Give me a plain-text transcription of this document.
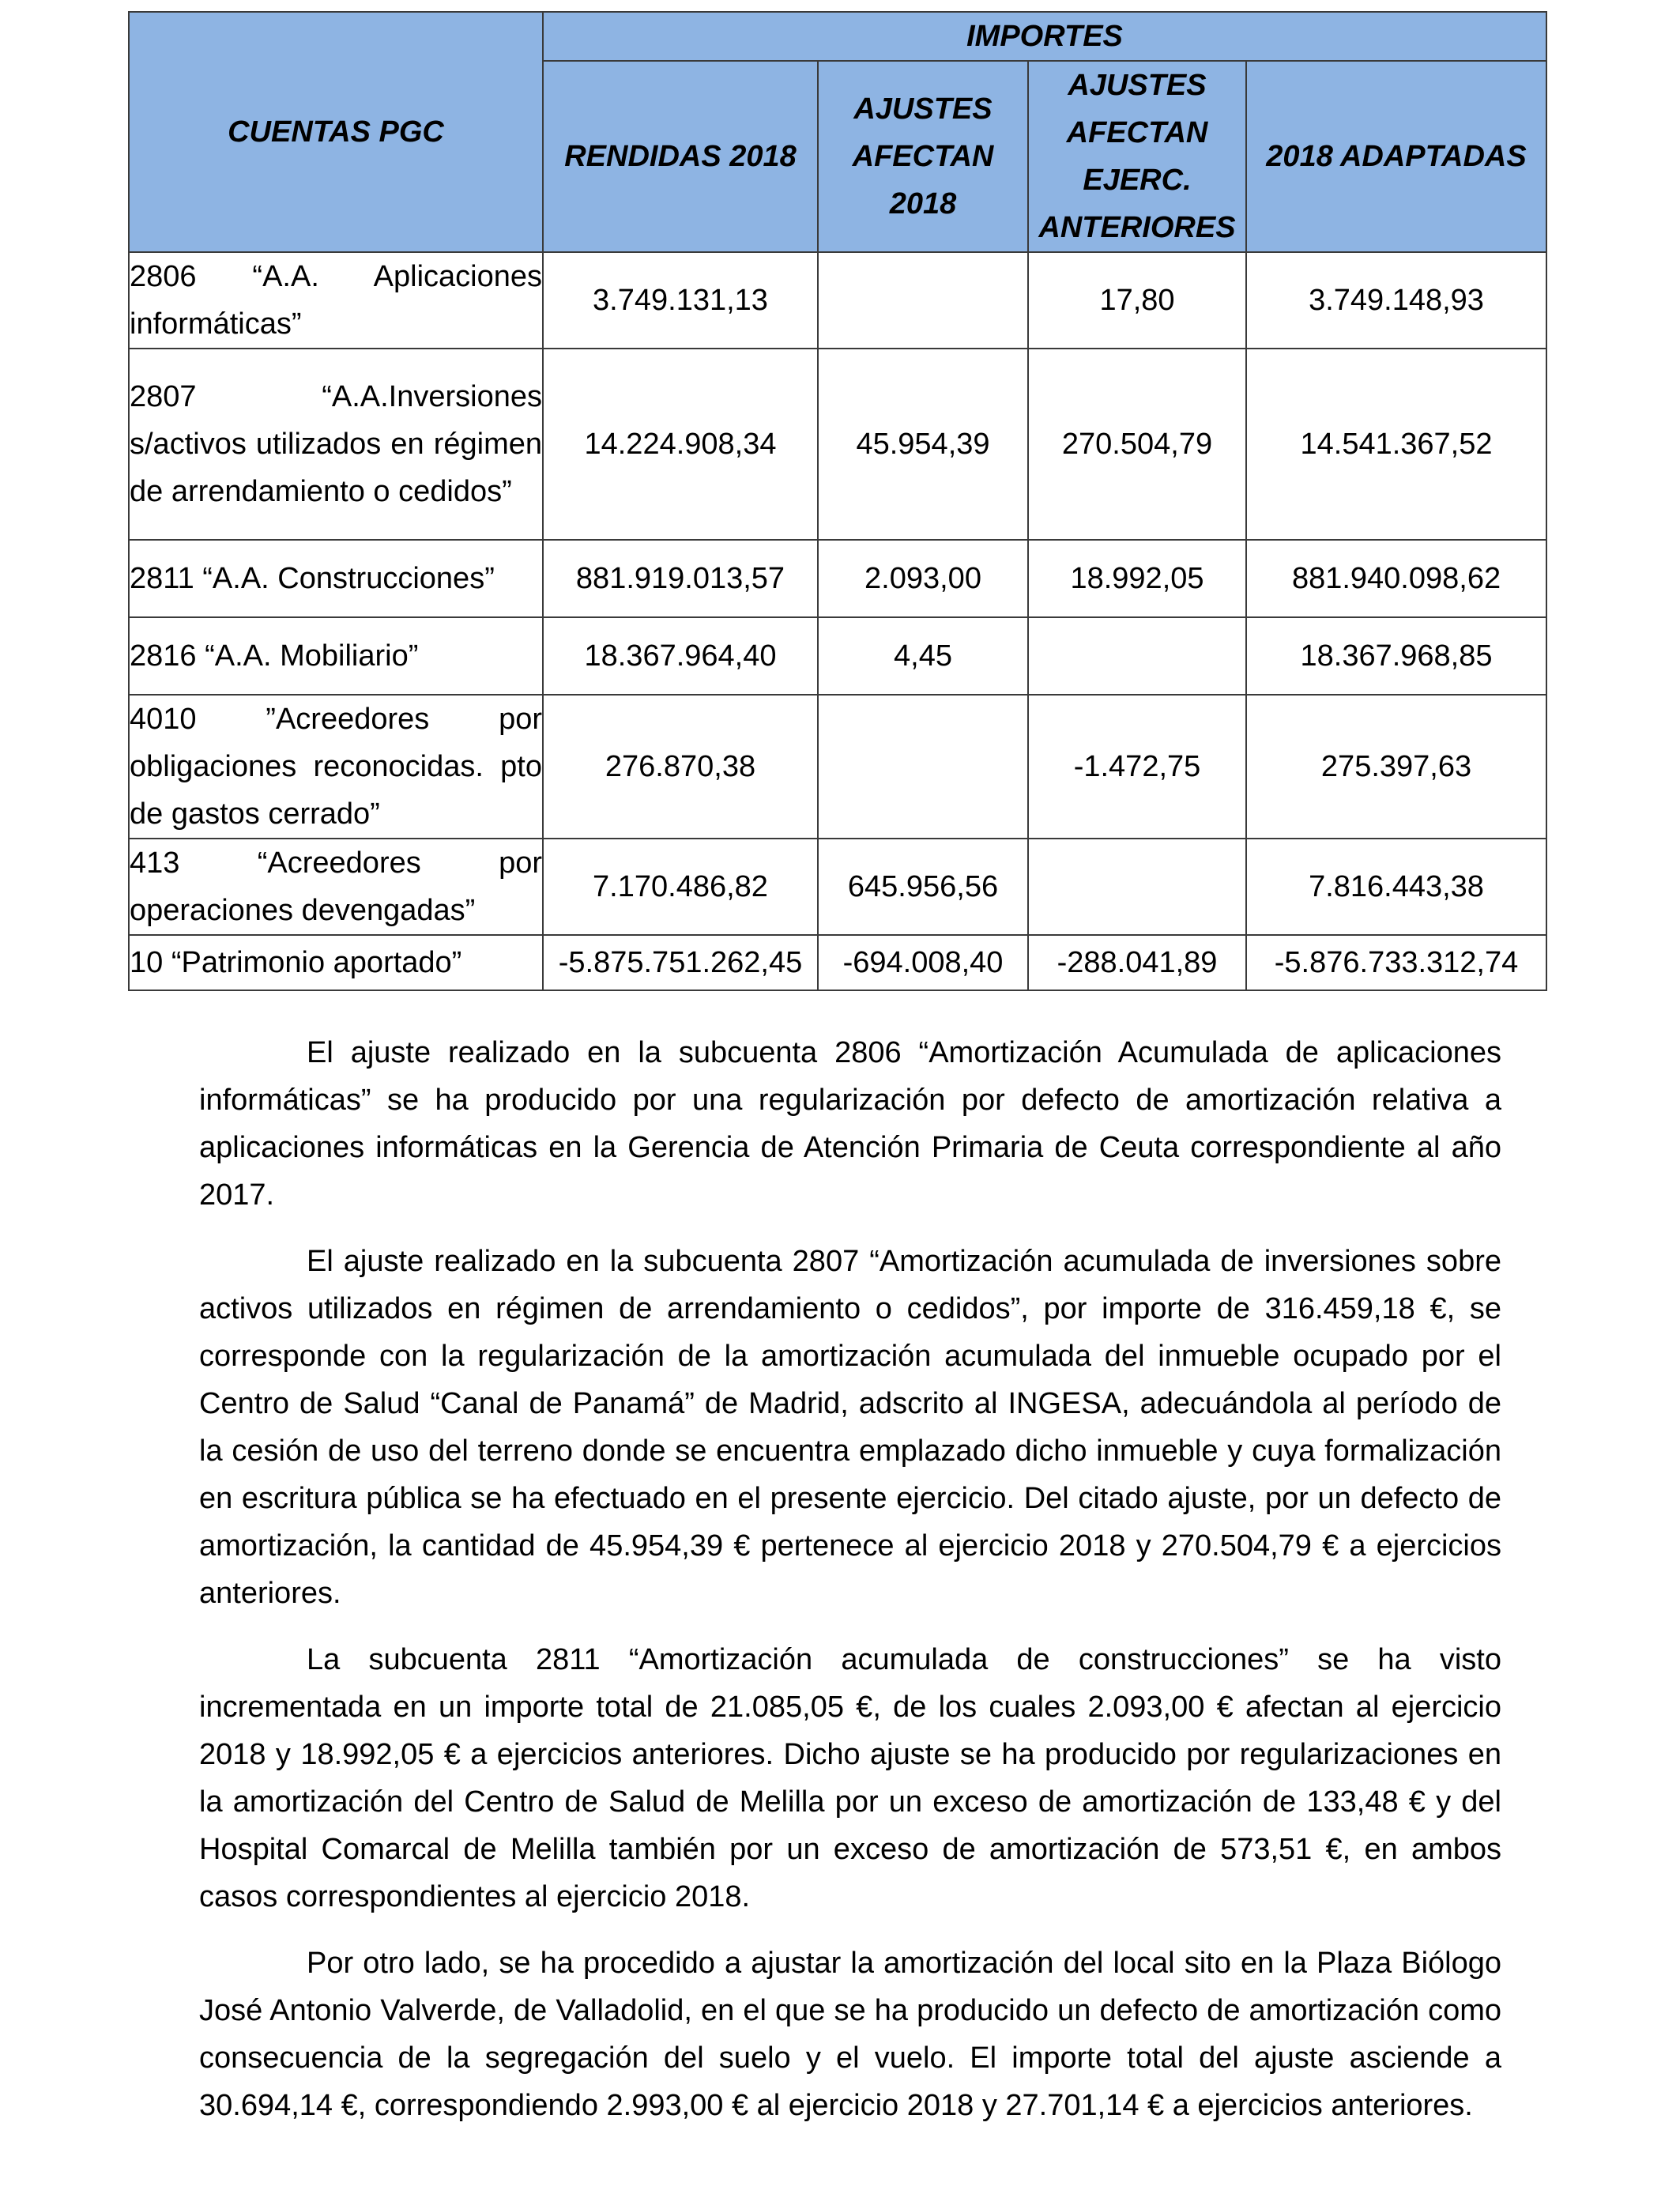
CUENTAS PGC	IMPORTES			
	RENDIDAS 2018	AJUSTES AFECTAN 2018	AJUSTES AFECTAN EJERC. ANTERIORES	2018 ADAPTADAS
2806 “A.A. Aplicaciones informáticas”	3.749.131,13		17,80	3.749.148,93
2807 “A.A.Inversiones s/activos utilizados en régimen de arrendamiento o cedidos”	14.224.908,34	45.954,39	270.504,79	14.541.367,52
2811 “A.A. Construcciones”	881.919.013,57	2.093,00	18.992,05	881.940.098,62
2816 “A.A. Mobiliario”	18.367.964,40	4,45		18.367.968,85
4010 ”Acreedores por obligaciones reconocidas. pto de gastos cerrado”	276.870,38		-1.472,75	275.397,63
413 “Acreedores por operaciones devengadas”	7.170.486,82	645.956,56		7.816.443,38
10 “Patrimonio aportado”	-5.875.751.262,45	-694.008,40	-288.041,89	-5.876.733.312,74

El ajuste realizado en la subcuenta 2806 “Amortización Acumulada de aplicaciones informáticas” se ha producido por una regularización por defecto de amortización relativa a aplicaciones informáticas en la Gerencia de Atención Primaria de Ceuta correspondiente al año 2017.

El ajuste realizado en la subcuenta 2807 “Amortización acumulada de inversiones sobre activos utilizados en régimen de arrendamiento o cedidos”, por importe de 316.459,18 €, se corresponde con la regularización de la amortización acumulada del inmueble ocupado por el Centro de Salud “Canal de Panamá” de Madrid, adscrito al INGESA, adecuándola al período de la cesión de uso del terreno donde se encuentra emplazado dicho inmueble y cuya formalización en escritura pública se ha efectuado en el presente ejercicio. Del citado ajuste, por un defecto de amortización, la cantidad de 45.954,39 € pertenece al ejercicio 2018 y 270.504,79 € a ejercicios anteriores.

La subcuenta 2811 “Amortización acumulada de construcciones” se ha visto incrementada en un importe total de 21.085,05 €, de los cuales 2.093,00 € afectan al ejercicio 2018 y 18.992,05 € a ejercicios anteriores. Dicho ajuste se ha producido por regularizaciones en la amortización del Centro de Salud de Melilla por un exceso de amortización de 133,48 € y del Hospital Comarcal de Melilla también por un exceso de amortización de 573,51 €, en ambos casos correspondientes al ejercicio 2018.

Por otro lado, se ha procedido a ajustar la amortización del local sito en la Plaza Biólogo José Antonio Valverde, de Valladolid, en el que se ha producido un defecto de amortización como consecuencia de la segregación del suelo y el vuelo. El importe total del ajuste asciende a 30.694,14 €, correspondiendo 2.993,00 € al ejercicio 2018 y 27.701,14 € a ejercicios anteriores.
